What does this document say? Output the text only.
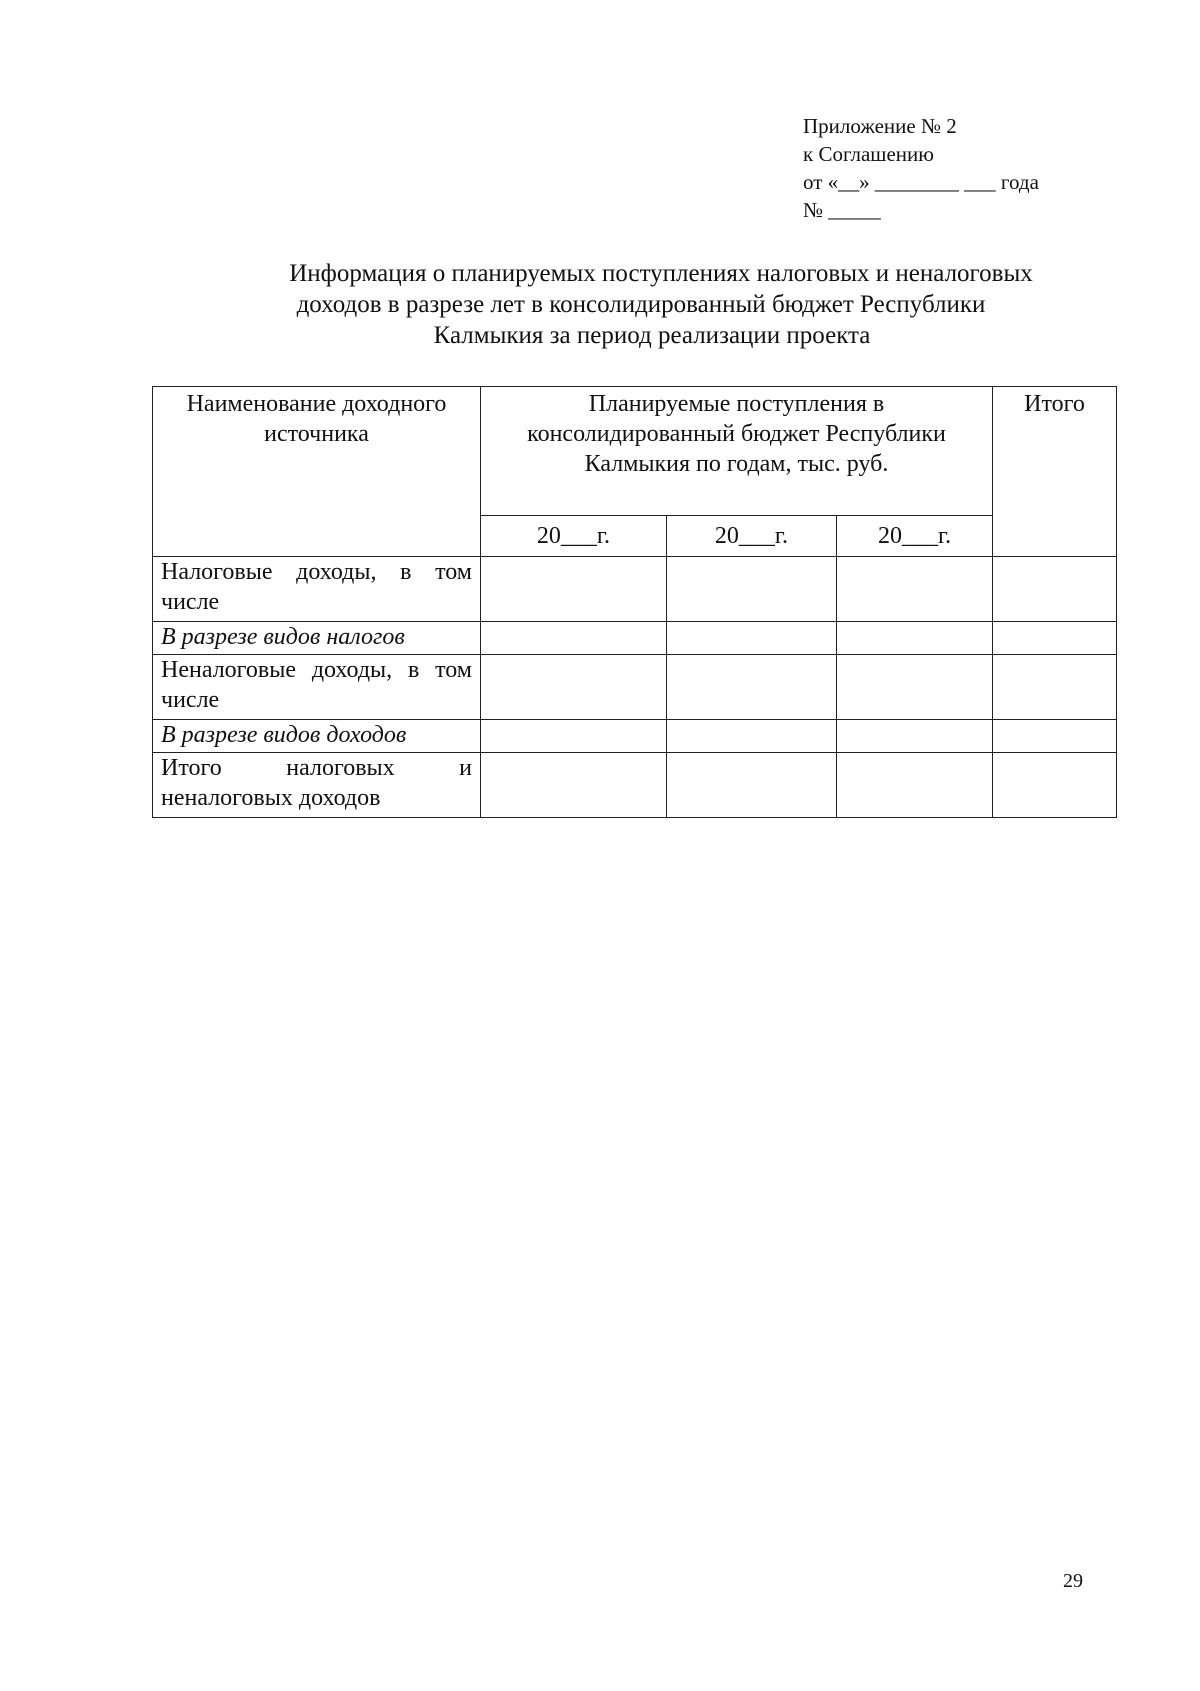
Приложение № 2
к Соглашению
от «__» ________ ___ года
№ _____
Информация о планируемых поступлениях налоговых и неналоговых
доходов в разрезе лет в консолидированный бюджет Республики
Калмыкия за период реализации проекта
Наименование доходного источника	Планируемые поступления в консолидированный бюджет Республики Калмыкия по годам, тыс. руб.			Итого
	20___г.	20___г.	20___г.	
Налоговые доходы, в том числе				
В разрезе видов налогов				
Неналоговые доходы, в том числе				
В разрезе видов доходов				
Итого налоговых и неналоговых доходов				
29
